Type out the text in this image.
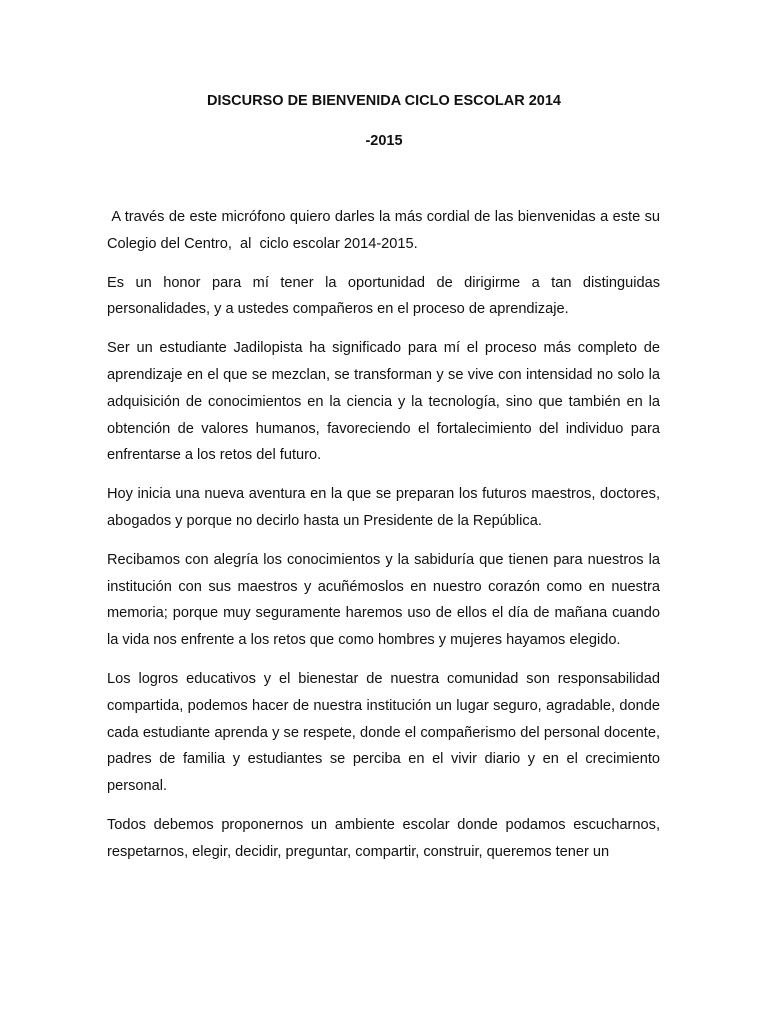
DISCURSO DE BIENVENIDA CICLO ESCOLAR 2014
-2015

A través de este micrófono quiero darles la más cordial de las bienvenidas a este su Colegio del Centro,  al  ciclo escolar 2014-2015.

Es un honor para mí tener la oportunidad de dirigirme a tan distinguidas personalidades, y a ustedes compañeros en el proceso de aprendizaje.

Ser un estudiante Jadilopista ha significado para mí el proceso más completo de aprendizaje en el que se mezclan, se transforman y se vive con intensidad no solo la adquisición de conocimientos en la ciencia y la tecnología, sino que también en la obtención de valores humanos, favoreciendo el fortalecimiento del individuo para enfrentarse a los retos del futuro.

Hoy inicia una nueva aventura en la que se preparan los futuros maestros, doctores, abogados y porque no decirlo hasta un Presidente de la República.

Recibamos con alegría los conocimientos y la sabiduría que tienen para nuestros la institución con sus maestros y acuñémoslos en nuestro corazón como en nuestra memoria; porque muy seguramente haremos uso de ellos el día de mañana cuando la vida nos enfrente a los retos que como hombres y mujeres hayamos elegido.

Los logros educativos y el bienestar de nuestra comunidad son responsabilidad compartida, podemos hacer de nuestra institución un lugar seguro, agradable, donde cada estudiante aprenda y se respete, donde el compañerismo del personal docente, padres de familia y estudiantes se perciba en el vivir diario y en el crecimiento personal.

Todos debemos proponernos un ambiente escolar donde podamos escucharnos, respetarnos, elegir, decidir, preguntar, compartir, construir, queremos tener un
